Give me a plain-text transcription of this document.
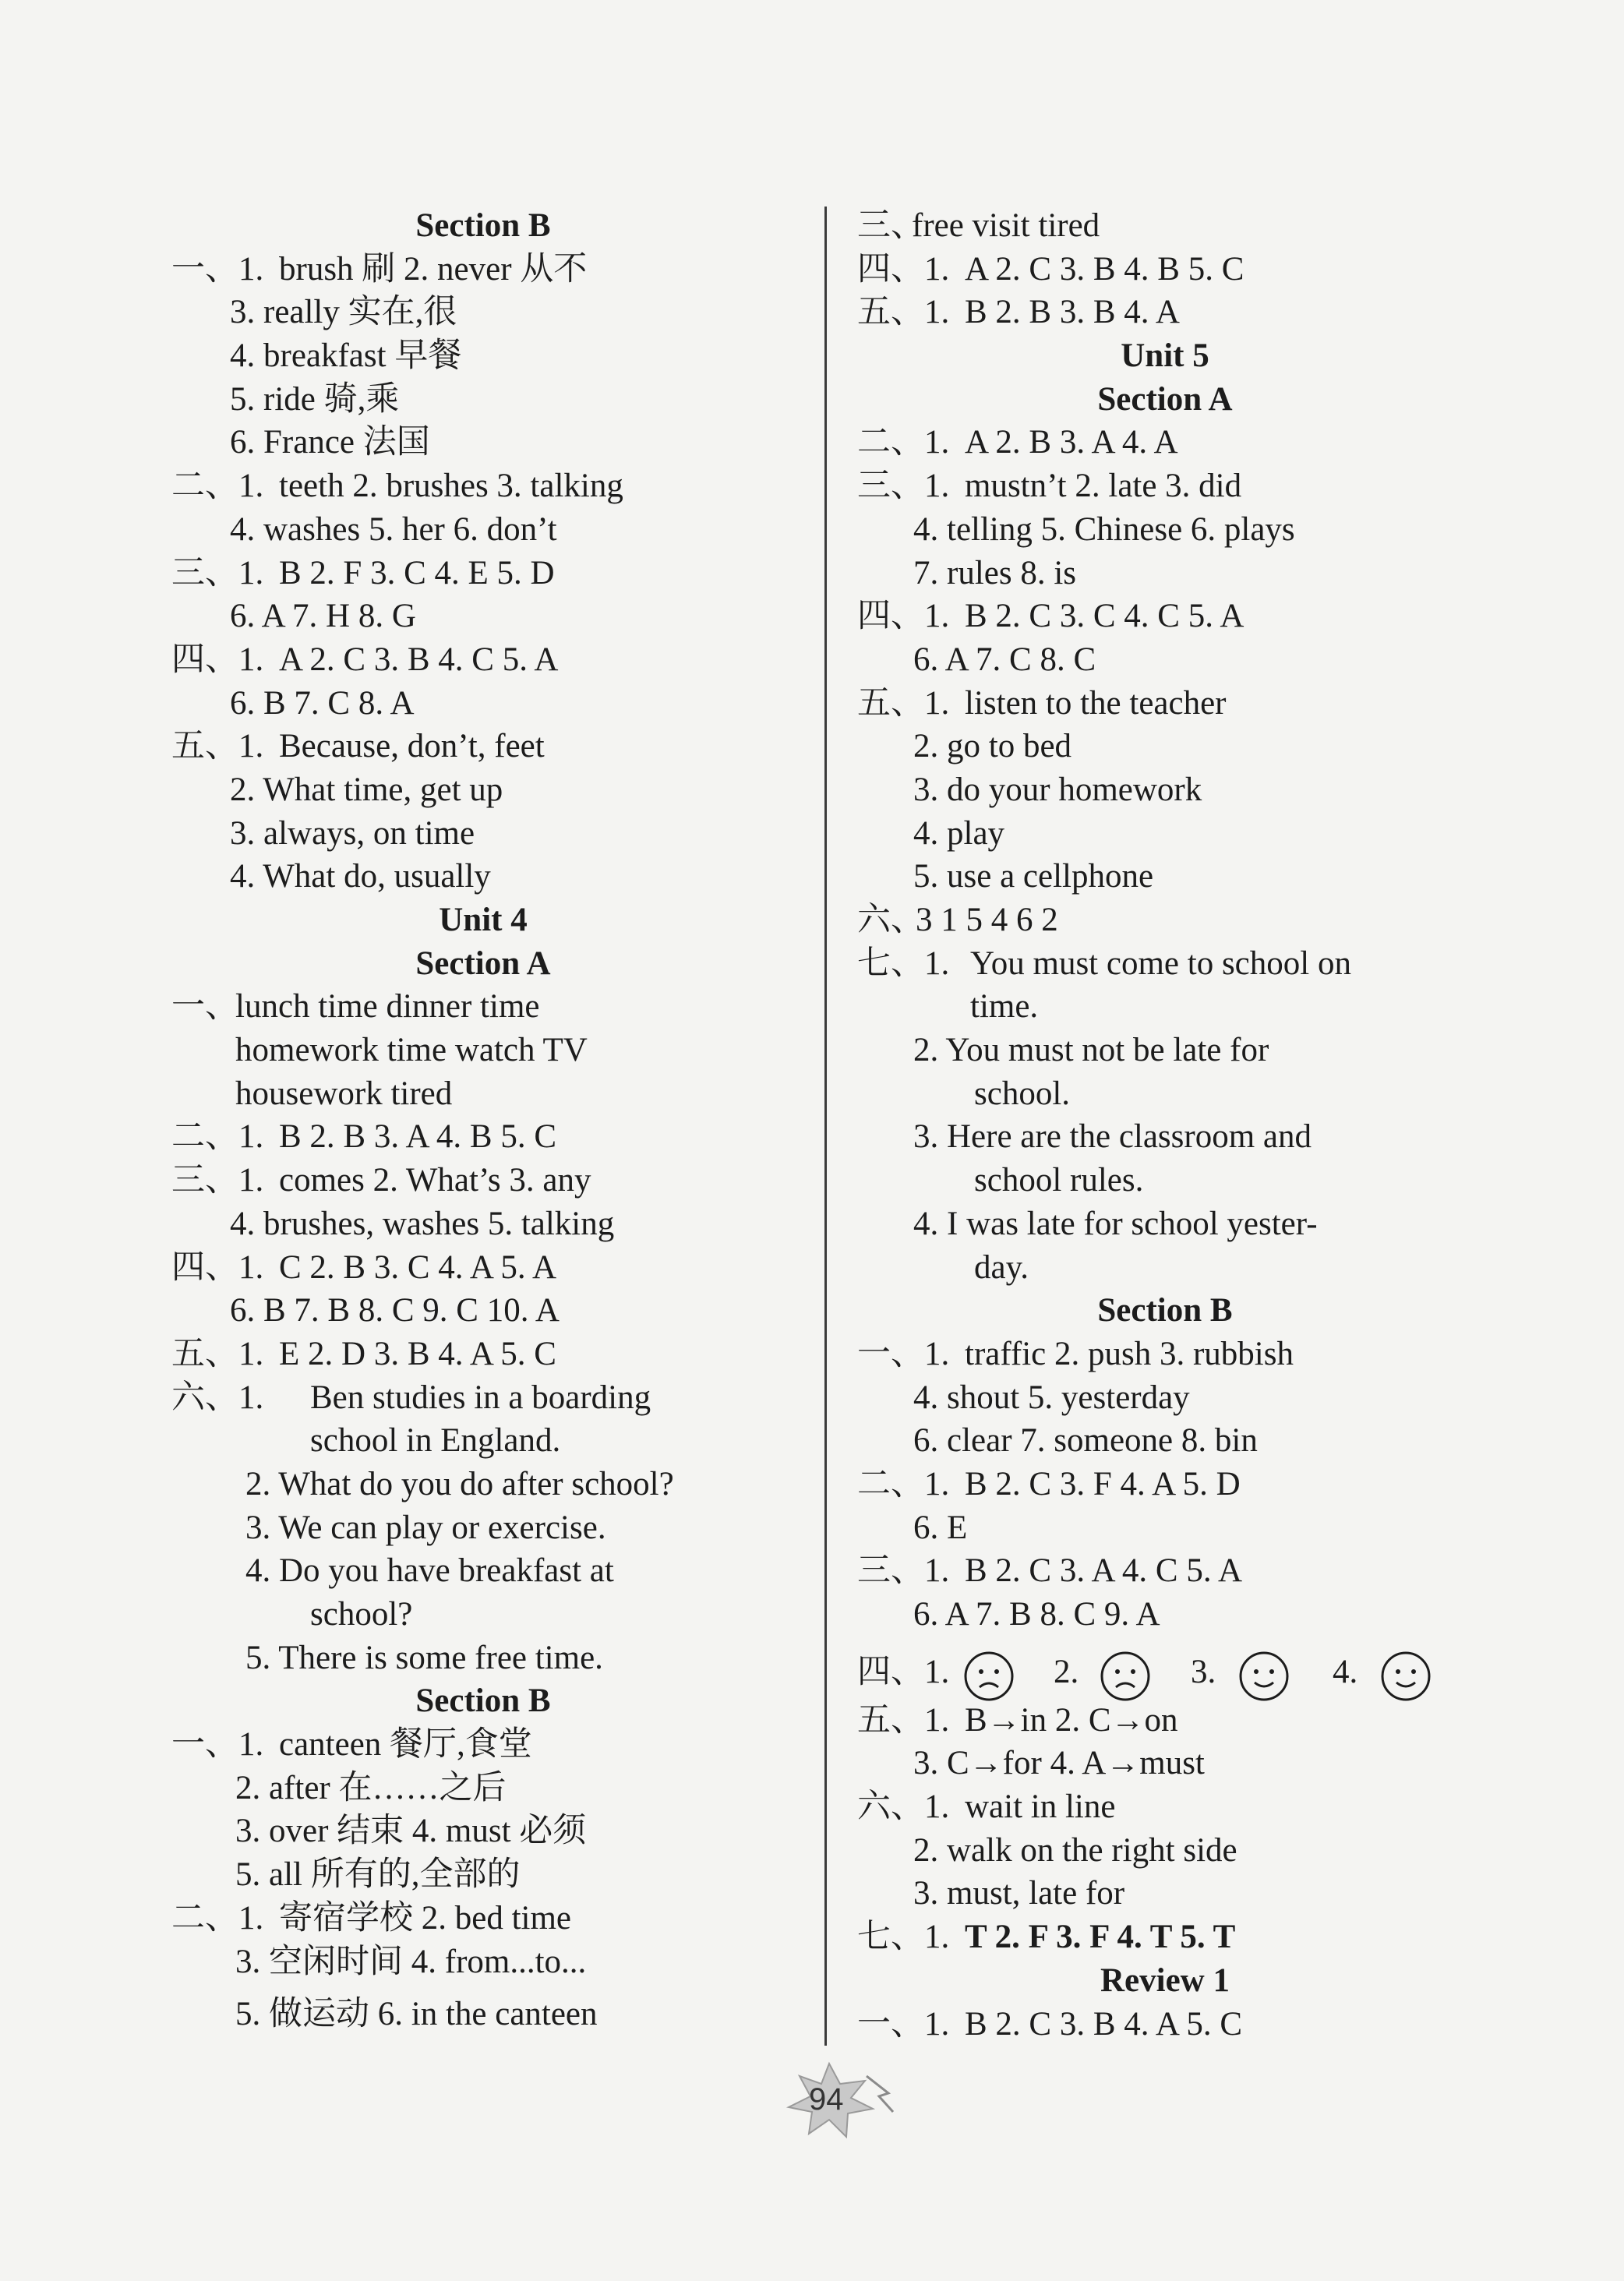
Section B
一、1. brush 刷 2. never 从不
3. really 实在,很
4. breakfast 早餐
5. ride 骑,乘
6. France 法国
二、1. teeth 2. brushes 3. talking
4. washes 5. her 6. don’t
三、1. B 2. F 3. C 4. E 5. D
6. A 7. H 8. G
四、1. A 2. C 3. B 4. C 5. A
6. B 7. C 8. A
五、1. Because, don’t, feet
2. What time, get up
3. always, on time
4. What do, usually
Unit 4
Section A
一、
lunch time dinner time
homework time watch TV
housework tired
二、1. B 2. B 3. A 4. B 5. C
三、1. comes 2. What’s 3. any
4. brushes, washes 5. talking
四、1. C 2. B 3. C 4. A 5. A
6. B 7. B 8. C 9. C 10. A
五、1. E 2. D 3. B 4. A 5. C
六、1. Ben studies in a boarding
school in England.
2. What do you do after school?
3. We can play or exercise.
4. Do you have breakfast at
school?
5. There is some free time.
Section B
一、1. canteen 餐厅,食堂
2. after 在……之后
3. over 结束 4. must 必须
5. all 所有的,全部的
二、1. 寄宿学校 2. bed time
3. 空闲时间 4. from...to...
5. 做运动 6. in the canteen
三、
free visit tired
四、1. A 2. C 3. B 4. B 5. C
五、1. B 2. B 3. B 4. A
Unit 5
Section A
二、1. A 2. B 3. A 4. A
三、1. mustn’t 2. late 3. did
4. telling 5. Chinese 6. plays
7. rules 8. is
四、1. B 2. C 3. C 4. C 5. A
6. A 7. C 8. C
五、1. listen to the teacher
2. go to bed
3. do your homework
4. play
5. use a cellphone
六、
3 1 5 4 6 2
七、1. You must come to school on
time.
2. You must not be late for
school.
3. Here are the classroom and
school rules.
4. I was late for school yester-
day.
Section B
一、1. traffic 2. push 3. rubbish
4. shout 5. yesterday
6. clear 7. someone 8. bin
二、1. B 2. C 3. F 4. A 5. D
6. E
三、1. B 2. C 3. A 4. C 5. A
6. A 7. B 8. C 9. A
四、1.	2.	3.	4.
五、1. B→in 2. C→on
3. C→for 4. A→must
六、1. wait in line
2. walk on the right side
3. must, late for
七、1. T 2. F 3. F 4. T 5. T
Review 1
一、1. B 2. C 3. B 4. A 5. C
94
